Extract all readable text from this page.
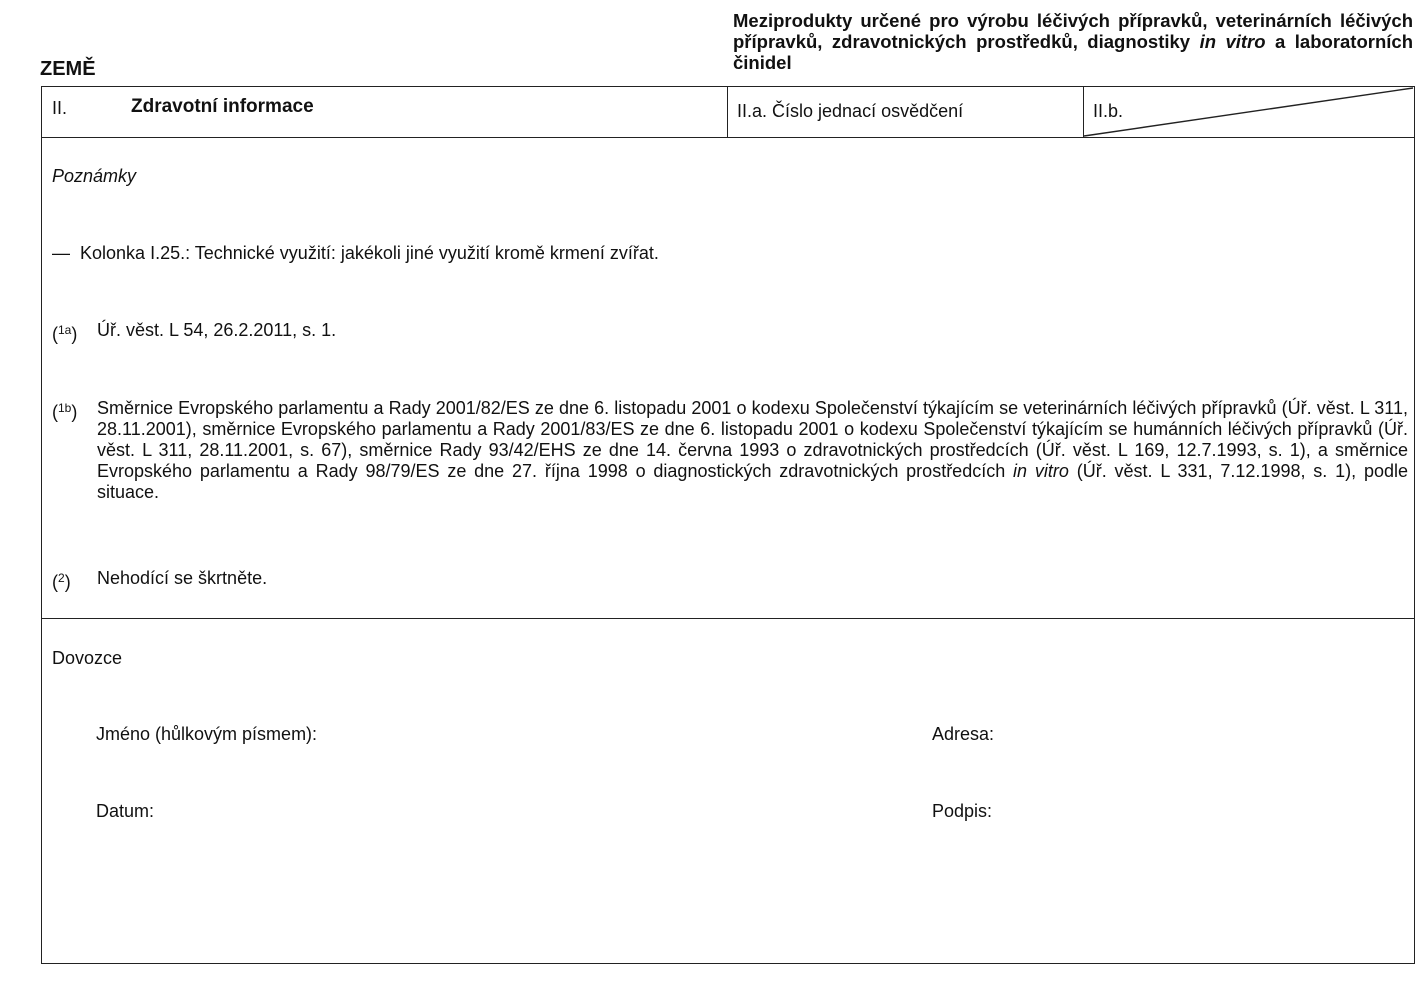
ZEMĚ
Meziprodukty určené pro výrobu léčivých přípravků, veterinárních léčivých přípravků, zdravotnických prostředků, diagnostiky in vitro a laboratorních činidel
II.	Zdravotní informace	II.a. Číslo jednací osvědčení	II.b.
Poznámky
— Kolonka I.25.: Technické využití: jakékoli jiné využití kromě krmení zvířat.
($^{1a}$)	Úř. věst. L 54, 26.2.2011, s. 1.
($^{1b}$)	Směrnice Evropského parlamentu a Rady 2001/82/ES ze dne 6. listopadu 2001 o kodexu Společenství týkajícím se veterinárních léčivých přípravků (Úř. věst. L 311, 28.11.2001), směrnice Evropského parlamentu a Rady 2001/83/ES ze dne 6. listopadu 2001 o kodexu Společenství týkajícím se humánních léčivých přípravků (Úř. věst. L 311, 28.11.2001, s. 67), směrnice Rady 93/42/EHS ze dne 14. června 1993 o zdravotnických prostředcích (Úř. věst. L 169, 12.7.1993, s. 1), a směrnice Evropského parlamentu a Rady 98/79/ES ze dne 27. října 1998 o diagnostických zdravotnických prostředcích in vitro (Úř. věst. L 331, 7.12.1998, s. 1), podle situace.
($^2$)	Nehodící se škrtněte.
Dovozce
Jméno (hůlkovým písmem):	Adresa:
Datum:	Podpis:
